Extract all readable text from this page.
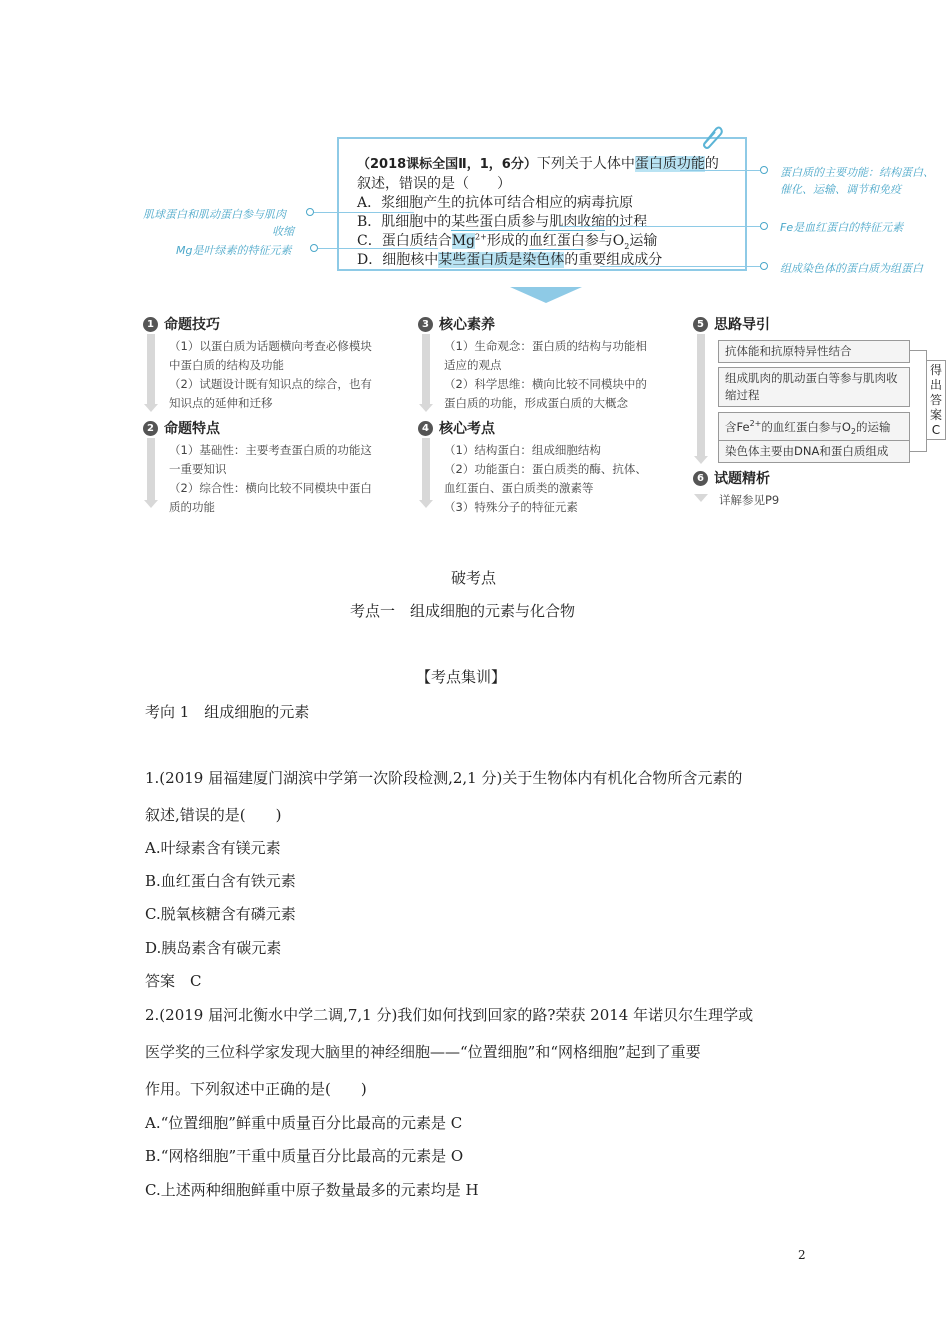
（2018课标全国Ⅱ，1，6分）下列关于人体中蛋白质功能的
叙述，错误的是（　　）
A．浆细胞产生的抗体可结合相应的病毒抗原
B．肌细胞中的某些蛋白质参与肌肉收缩的过程
C．蛋白质结合$Mg^{2+}$形成的血红蛋白参与$O_2$运输
D．细胞核中某些蛋白质是染色体的重要组成成分
蛋白质的主要功能：结构蛋白、
催化、运输、调节和免疫
Fe是血红蛋白的特征元素
组成染色体的蛋白质为组蛋白
肌球蛋白和肌动蛋白参与肌肉
收缩
Mg是叶绿素的特征元素
1 命题技巧
（1）以蛋白质为话题横向考查必修模块
中蛋白质的结构及功能
（2）试题设计既有知识点的综合，也有
知识点的延伸和迁移
2 命题特点
（1）基础性：主要考查蛋白质的功能这
一重要知识
（2）综合性：横向比较不同模块中蛋白
质的功能
3 核心素养
（1）生命观念：蛋白质的结构与功能相
适应的观点
（2）科学思维：横向比较不同模块中的
蛋白质的功能，形成蛋白质的大概念
4 核心考点
（1）结构蛋白：组成细胞结构
（2）功能蛋白：蛋白质类的酶、抗体、
血红蛋白、蛋白质类的激素等
（3）特殊分子的特征元素
5 思路导引
抗体能和抗原特异性结合
组成肌肉的肌动蛋白等参与肌肉收缩过程
含$Fe^{2+}$的血红蛋白参与$O_2$的运输
染色体主要由DNA和蛋白质组成
得出答案C
6 试题精析
详解参见P9
破考点
考点一　组成细胞的元素与化合物
【考点集训】
考向 1　组成细胞的元素
1.(2019 届福建厦门湖滨中学第一次阶段检测,2,1 分)关于生物体内有机化合物所含元素的
叙述,错误的是(　　)
A.叶绿素含有镁元素
B.血红蛋白含有铁元素
C.脱氧核糖含有磷元素
D.胰岛素含有碳元素
答案　C
2.(2019 届河北衡水中学二调,7,1 分)我们如何找到回家的路?荣获 2014 年诺贝尔生理学或
医学奖的三位科学家发现大脑里的神经细胞——“位置细胞”和“网格细胞”起到了重要
作用。下列叙述中正确的是(　　)
A.“位置细胞”鲜重中质量百分比最高的元素是 C
B.“网格细胞”干重中质量百分比最高的元素是 O
C.上述两种细胞鲜重中原子数量最多的元素均是 H
2
